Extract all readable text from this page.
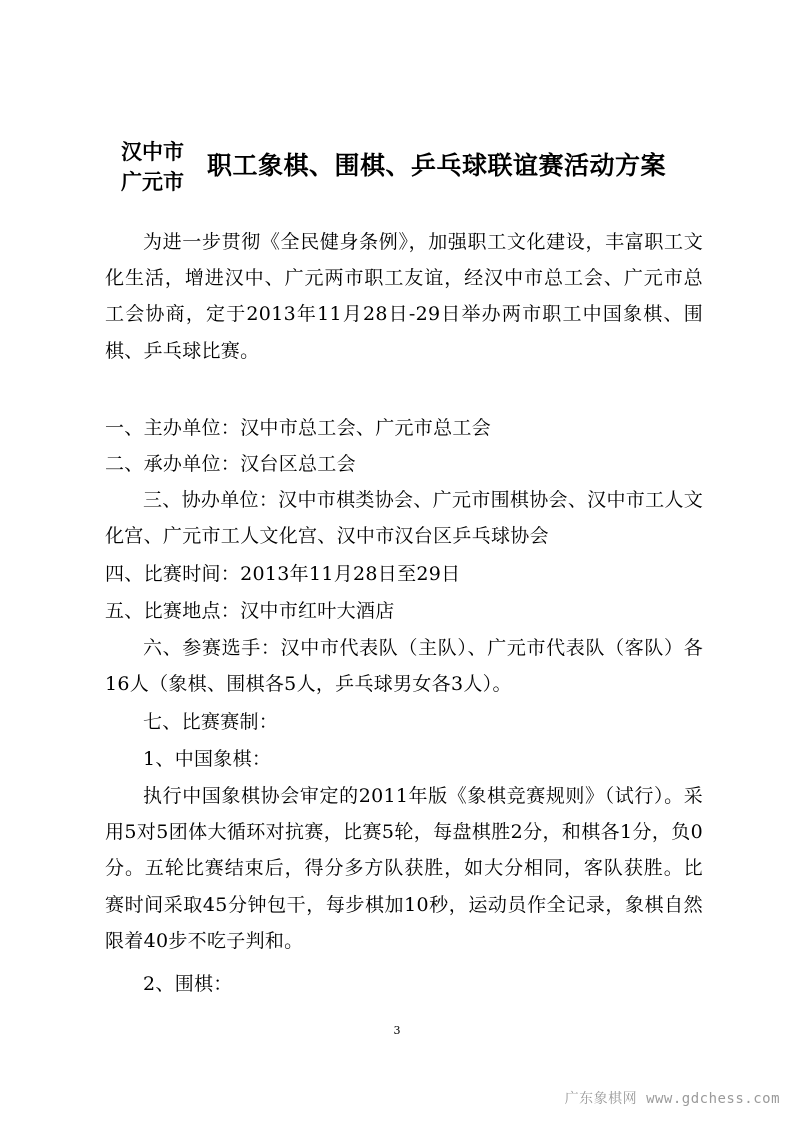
汉中市
广元市
职工象棋、围棋、乒乓球联谊赛活动方案

为进一步贯彻《全民健身条例》，加强职工文化建设，丰富职工文化生活，增进汉中、广元两市职工友谊，经汉中市总工会、广元市总工会协商，定于2013年11月28日-29日举办两市职工中国象棋、围棋、乒乓球比赛。

一、主办单位：汉中市总工会、广元市总工会
二、承办单位：汉台区总工会

三、协办单位：汉中市棋类协会、广元市围棋协会、汉中市工人文化宫、广元市工人文化宫、汉中市汉台区乒乓球协会

四、比赛时间：2013年11月28日至29日
五、比赛地点：汉中市红叶大酒店

六、参赛选手：汉中市代表队（主队）、广元市代表队（客队）各16人（象棋、围棋各5人，乒乓球男女各3人）。

七、比赛赛制：
1、中国象棋：

执行中国象棋协会审定的2011年版《象棋竞赛规则》（试行）。采用5对5团体大循环对抗赛，比赛5轮，每盘棋胜2分，和棋各1分，负0分。五轮比赛结束后，得分多方队获胜，如大分相同，客队获胜。比赛时间采取45分钟包干，每步棋加10秒，运动员作全记录，象棋自然限着40步不吃子判和。

2、围棋：
3
广东象棋网 www.gdchess.com
